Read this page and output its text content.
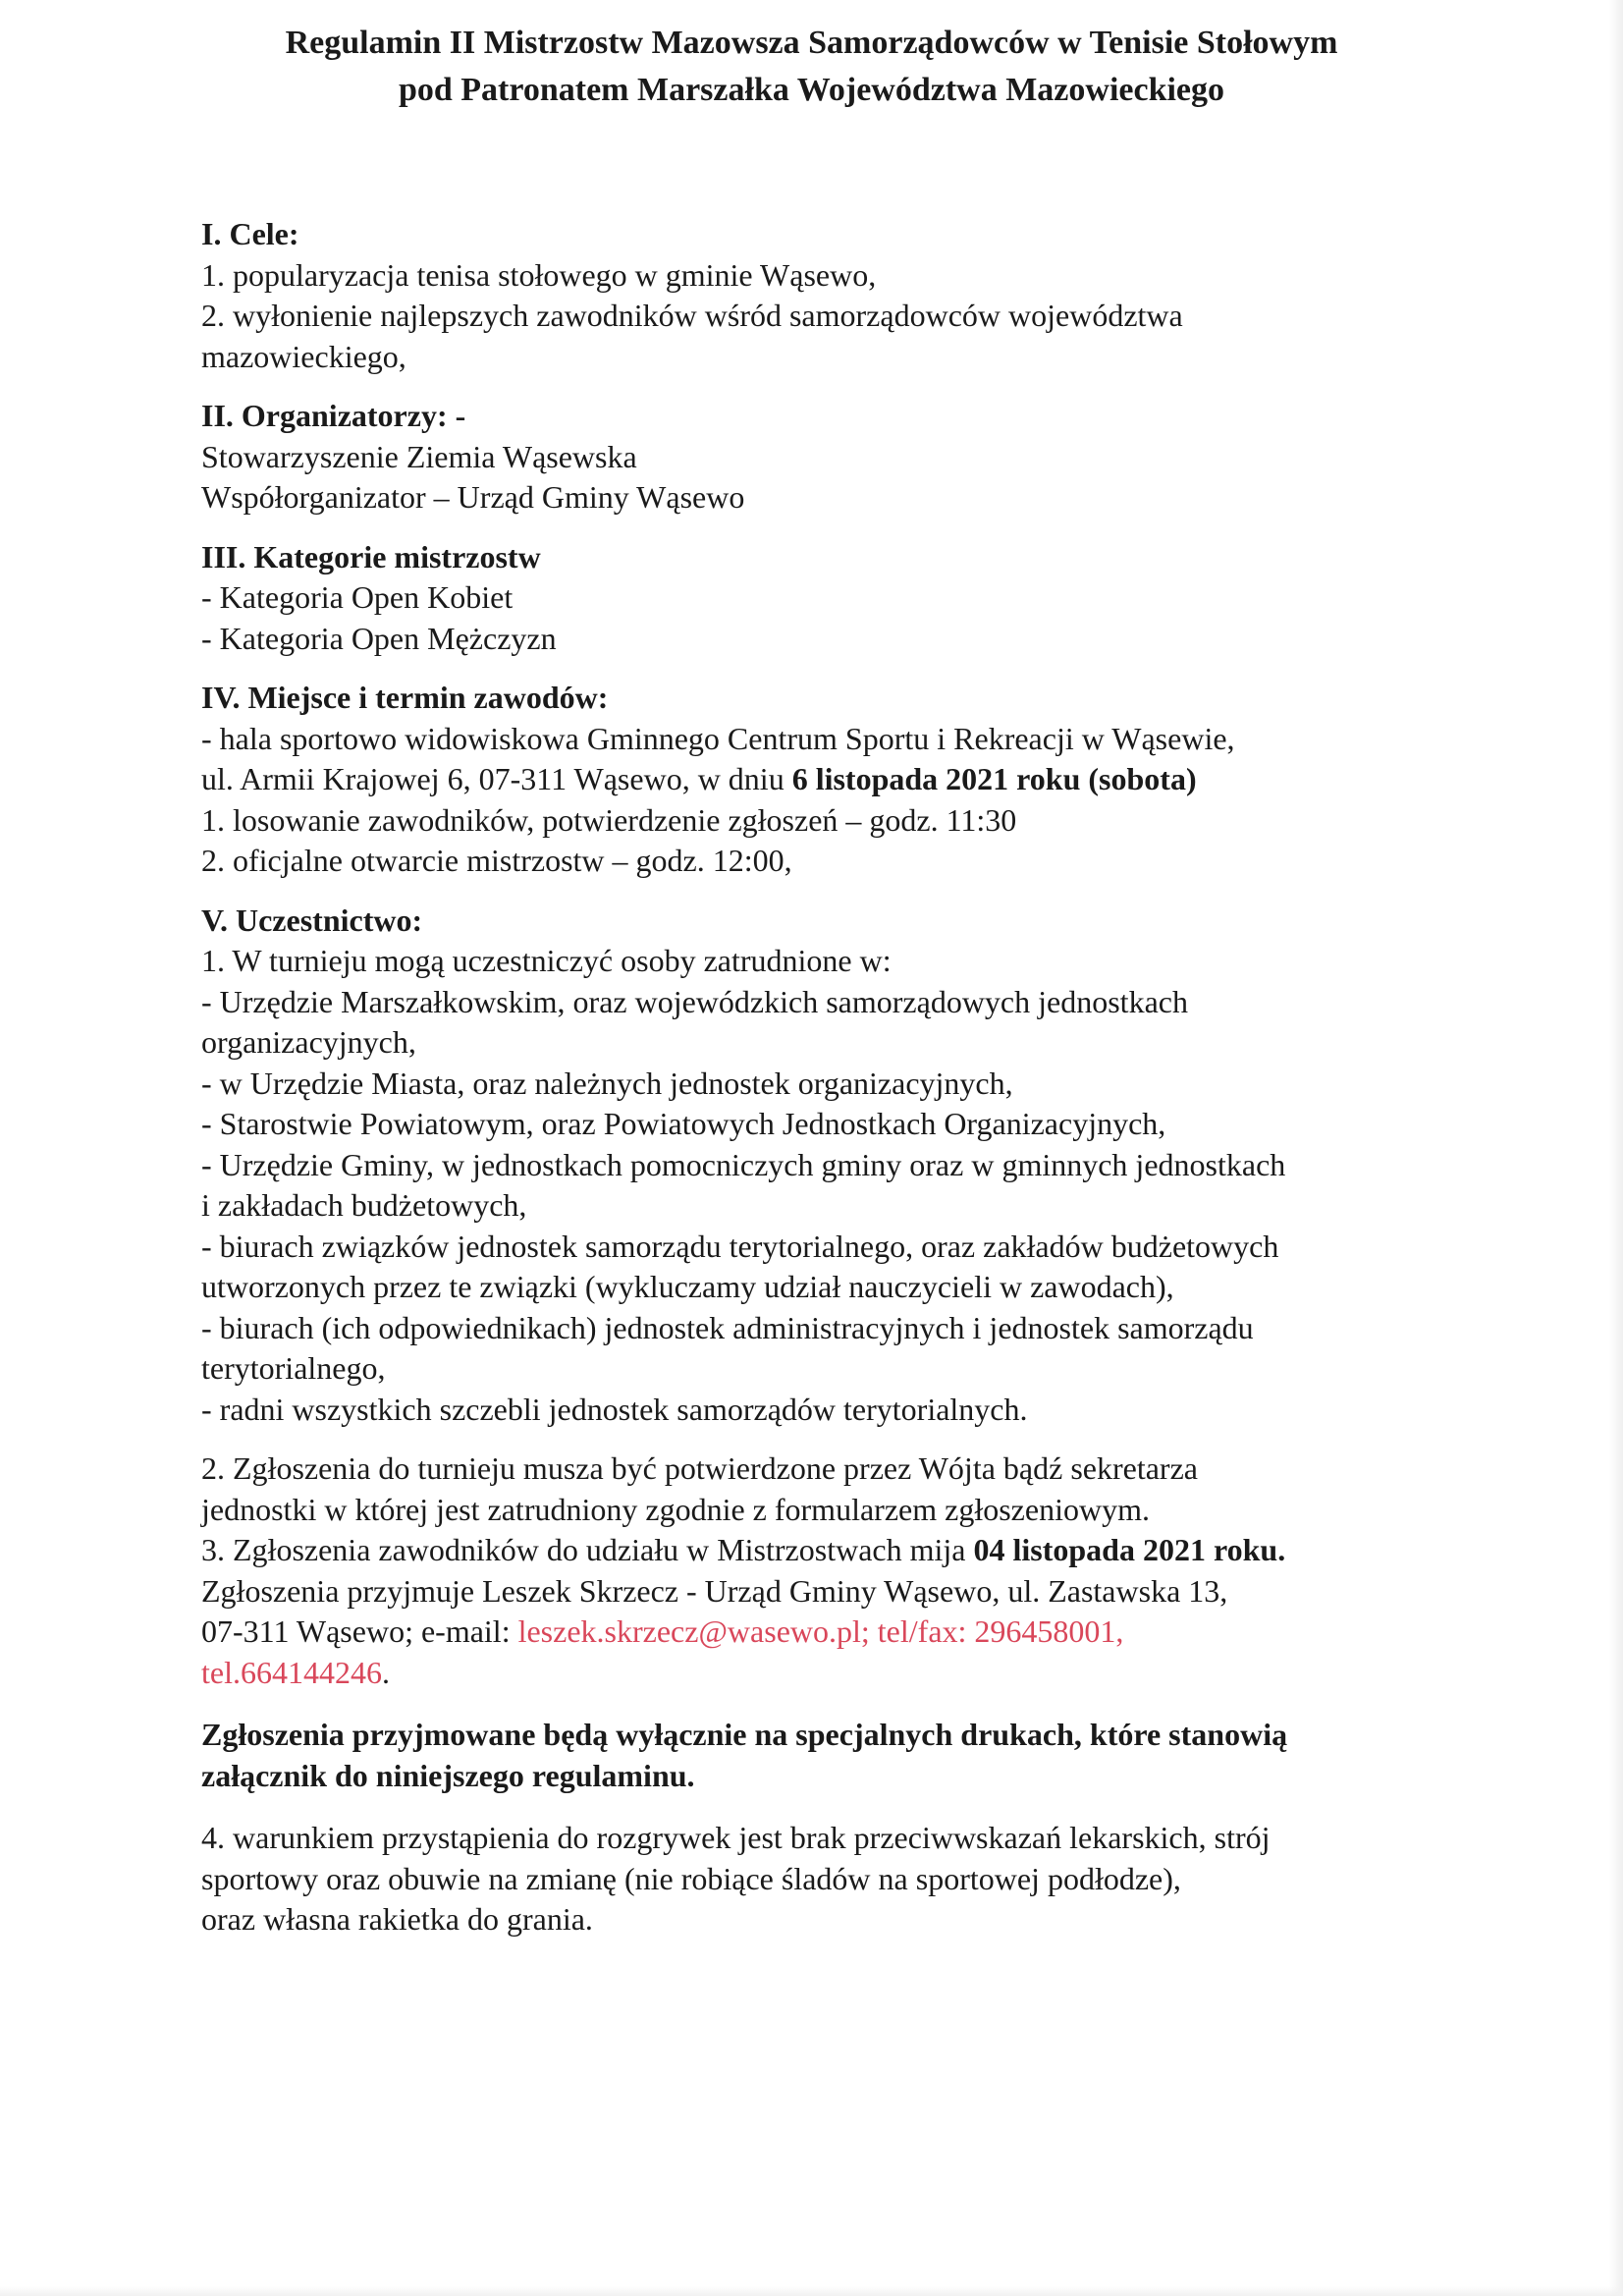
Regulamin II Mistrzostw Mazowsza Samorządowców w Tenisie Stołowym
pod Patronatem Marszałka Województwa Mazowieckiego
I. Cele:
1. popularyzacja tenisa stołowego w gminie Wąsewo,
2. wyłonienie najlepszych zawodników wśród samorządowców województwa
mazowieckiego,
II. Organizatorzy: -
Stowarzyszenie Ziemia Wąsewska
Współorganizator – Urząd Gminy Wąsewo
III. Kategorie mistrzostw
- Kategoria Open Kobiet
- Kategoria Open Mężczyzn
IV. Miejsce i termin zawodów:
- hala sportowo widowiskowa Gminnego Centrum Sportu i Rekreacji w Wąsewie,
ul. Armii Krajowej 6, 07-311 Wąsewo, w dniu 6 listopada 2021 roku (sobota)
1. losowanie zawodników, potwierdzenie zgłoszeń – godz. 11:30
2. oficjalne otwarcie mistrzostw – godz. 12:00,
V. Uczestnictwo:
1. W turnieju mogą uczestniczyć osoby zatrudnione w:
- Urzędzie Marszałkowskim, oraz wojewódzkich samorządowych jednostkach
organizacyjnych,
- w Urzędzie Miasta, oraz należnych jednostek organizacyjnych,
- Starostwie Powiatowym, oraz Powiatowych Jednostkach Organizacyjnych,
- Urzędzie Gminy, w jednostkach pomocniczych gminy oraz w gminnych jednostkach
i zakładach budżetowych,
- biurach związków jednostek samorządu terytorialnego, oraz zakładów budżetowych
utworzonych przez te związki (wykluczamy udział nauczycieli w zawodach),
- biurach (ich odpowiednikach) jednostek administracyjnych i jednostek samorządu
terytorialnego,
- radni wszystkich szczebli jednostek samorządów terytorialnych.
2. Zgłoszenia do turnieju musza być potwierdzone przez Wójta bądź sekretarza
jednostki w której jest zatrudniony zgodnie z formularzem zgłoszeniowym.
3. Zgłoszenia zawodników do udziału w Mistrzostwach mija 04 listopada 2021 roku.
Zgłoszenia przyjmuje Leszek Skrzecz - Urząd Gminy Wąsewo, ul. Zastawska 13,
07-311 Wąsewo; e-mail: leszek.skrzecz@wasewo.pl; tel/fax: 296458001,
tel.664144246.
Zgłoszenia przyjmowane będą wyłącznie na specjalnych drukach, które stanowią
załącznik do niniejszego regulaminu.
4. warunkiem przystąpienia do rozgrywek jest brak przeciwwskazań lekarskich, strój
sportowy oraz obuwie na zmianę (nie robiące śladów na sportowej podłodze),
oraz własna rakietka do grania.
